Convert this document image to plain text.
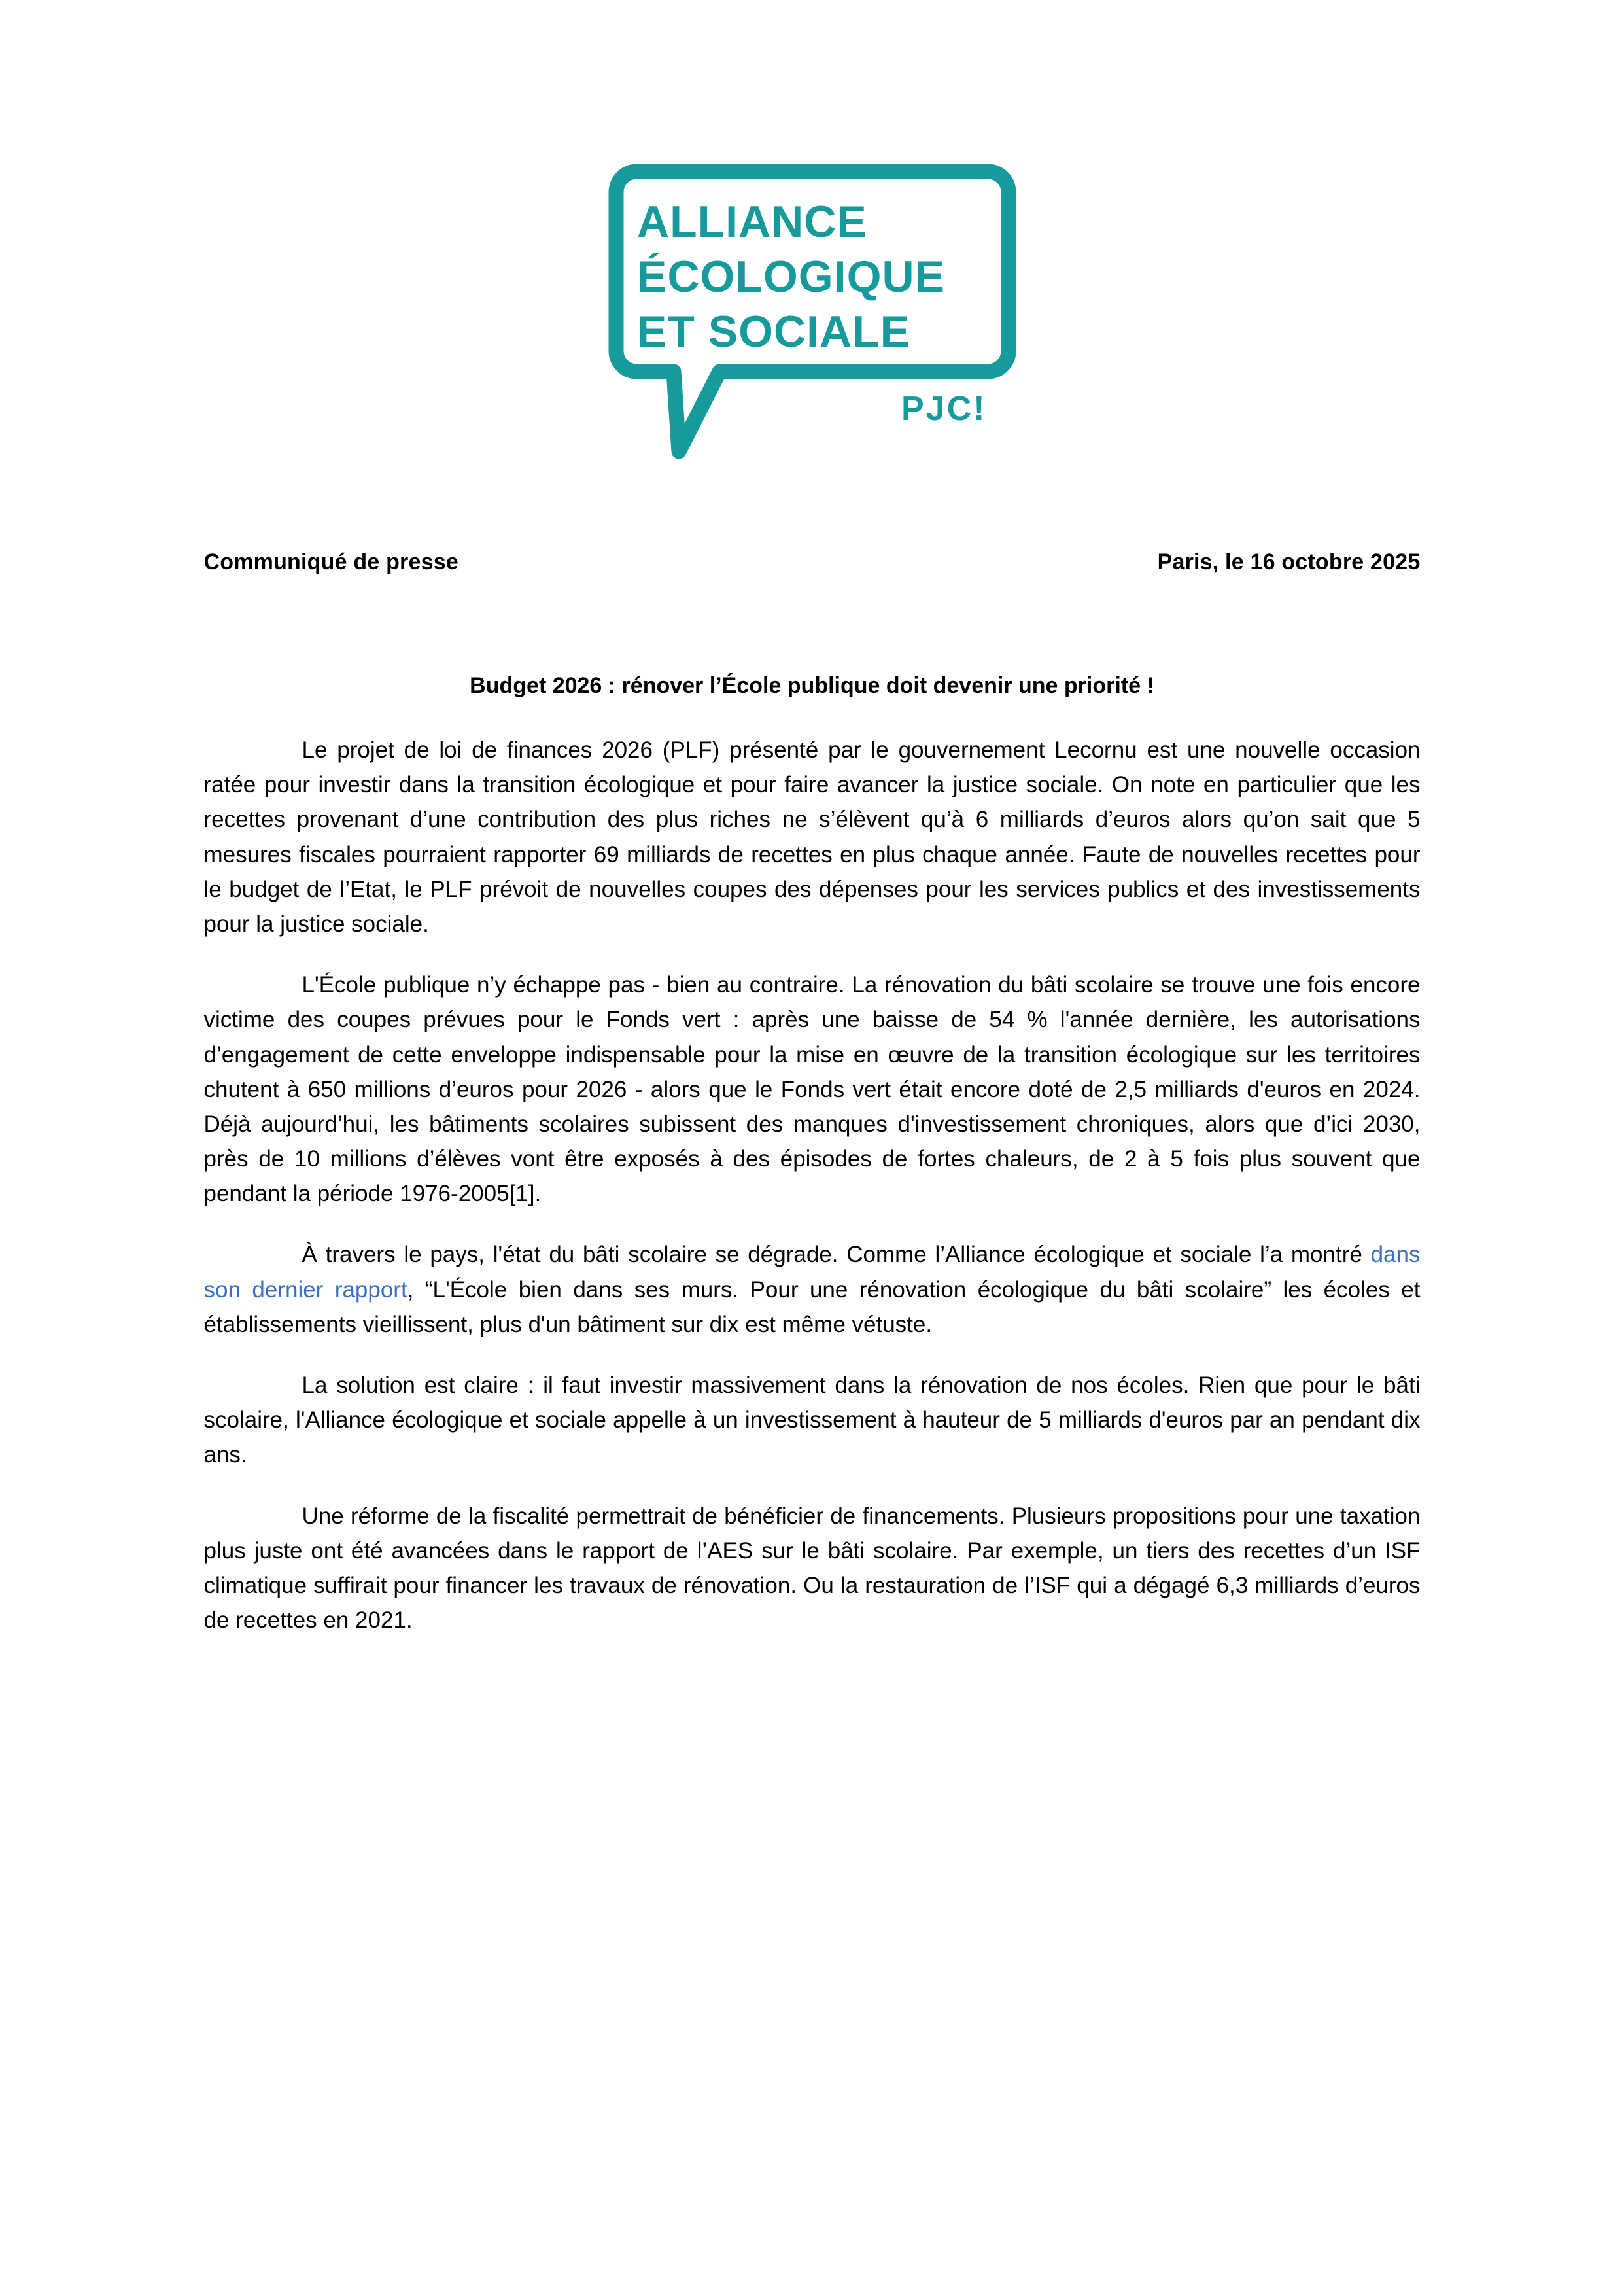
ALLIANCE
ÉCOLOGIQUE
ET SOCIALE
PJC!
Communiqué de presse	Paris, le 16 octobre 2025
Budget 2026 : rénover l’École publique doit devenir une priorité !

Le projet de loi de finances 2026 (PLF) présenté par le gouvernement Lecornu est une nouvelle occasion ratée pour investir dans la transition écologique et pour faire avancer la justice sociale. On note en particulier que les recettes provenant d’une contribution des plus riches ne s’élèvent qu’à 6 milliards d’euros alors qu’on sait que 5 mesures fiscales pourraient rapporter 69 milliards de recettes en plus chaque année. Faute de nouvelles recettes pour le budget de l’Etat, le PLF prévoit de nouvelles coupes des dépenses pour les services publics et des investissements pour la justice sociale.

L'École publique n’y échappe pas - bien au contraire. La rénovation du bâti scolaire se trouve une fois encore victime des coupes prévues pour le Fonds vert : après une baisse de 54 % l'année dernière, les autorisations d’engagement de cette enveloppe indispensable pour la mise en œuvre de la transition écologique sur les territoires chutent à 650 millions d’euros pour 2026 - alors que le Fonds vert était encore doté de 2,5 milliards d'euros en 2024. Déjà aujourd’hui, les bâtiments scolaires subissent des manques d'investissement chroniques, alors que d’ici 2030, près de 10 millions d’élèves vont être exposés à des épisodes de fortes chaleurs, de 2 à 5 fois plus souvent que pendant la période 1976-2005[1].

À travers le pays, l'état du bâti scolaire se dégrade. Comme l’Alliance écologique et sociale l’a montré dans son dernier rapport, “L'École bien dans ses murs. Pour une rénovation écologique du bâti scolaire” les écoles et établissements vieillissent, plus d'un bâtiment sur dix est même vétuste.

La solution est claire : il faut investir massivement dans la rénovation de nos écoles. Rien que pour le bâti scolaire, l'Alliance écologique et sociale appelle à un investissement à hauteur de 5 milliards d'euros par an pendant dix ans.

Une réforme de la fiscalité permettrait de bénéficier de financements. Plusieurs propositions pour une taxation plus juste ont été avancées dans le rapport de l’AES sur le bâti scolaire. Par exemple, un tiers des recettes d’un ISF climatique suffirait pour financer les travaux de rénovation. Ou la restauration de l’ISF qui a dégagé 6,3 milliards d’euros de recettes en 2021.
